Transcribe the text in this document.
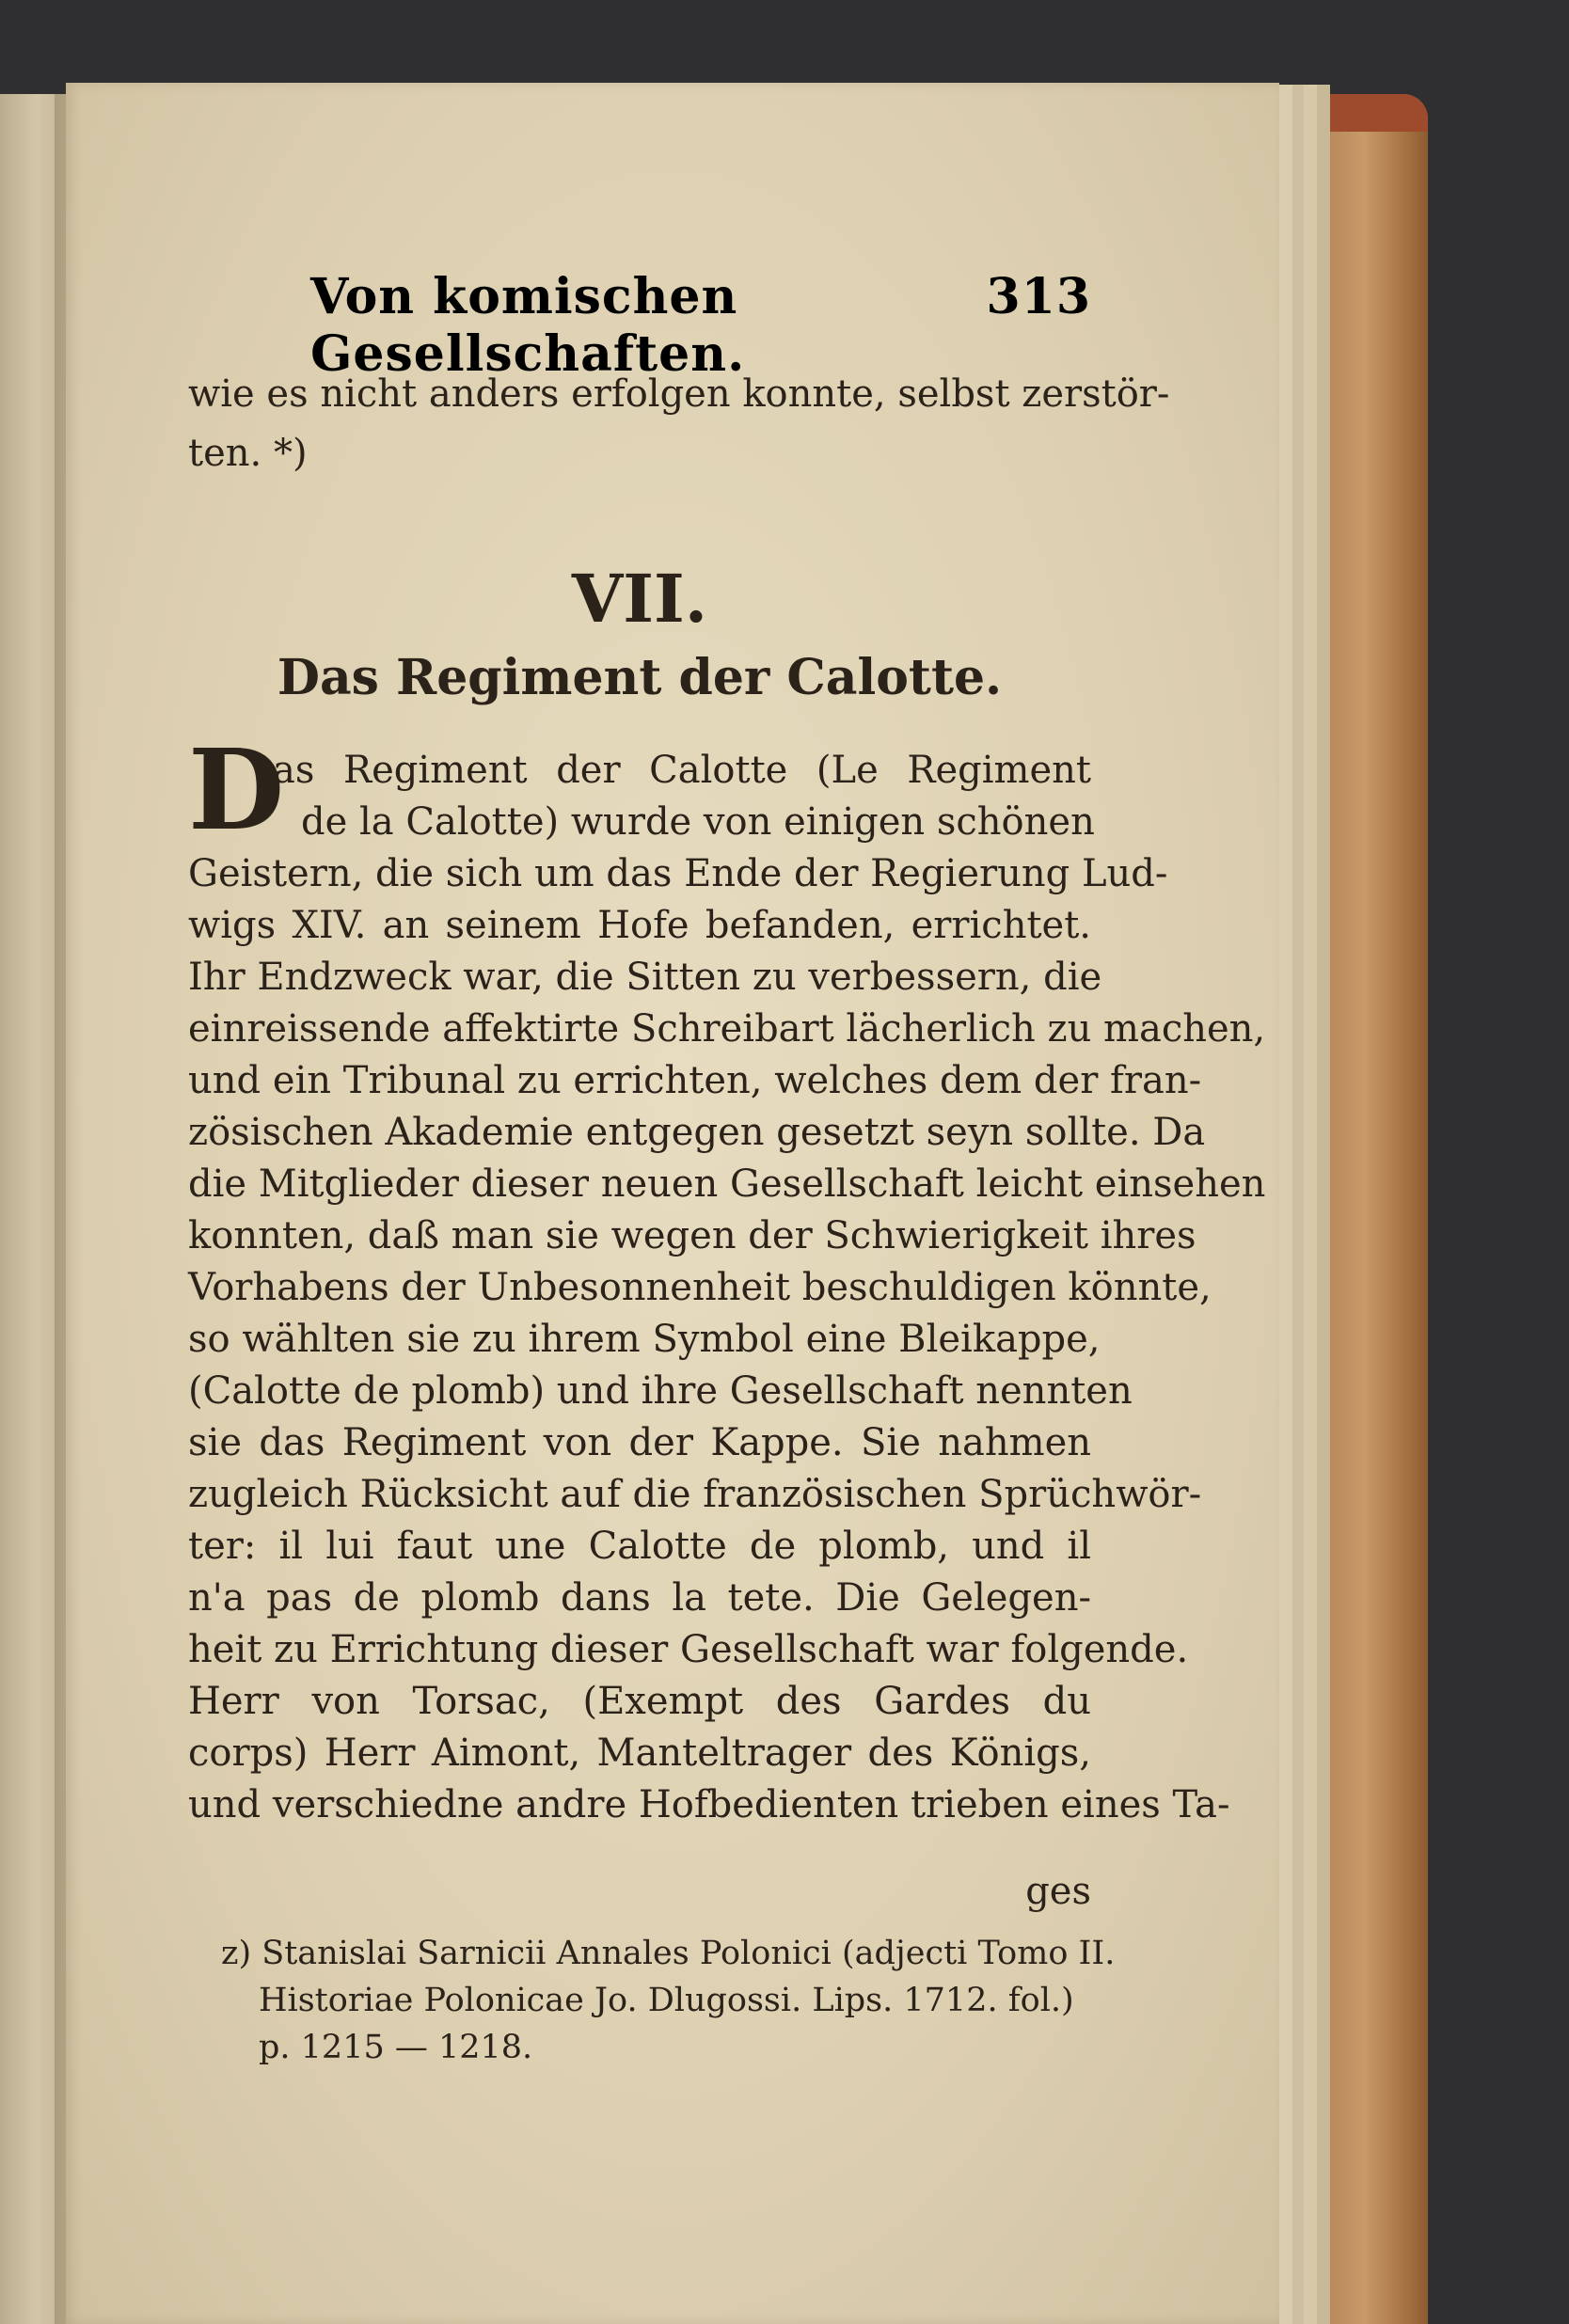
Von komischen Gesellschaften.
313
wie es nicht anders erfolgen konnte, selbst zerstör-
ten. *)
VII.
Das Regiment der Calotte.
D
as Regiment der Calotte (Le Regiment
de la Calotte) wurde von einigen schönen
Geistern, die sich um das Ende der Regierung Lud-
wigs XIV. an seinem Hofe befanden, errichtet.
Ihr Endzweck war, die Sitten zu verbessern, die
einreissende affektirte Schreibart lächerlich zu machen,
und ein Tribunal zu errichten, welches dem der fran-
zösischen Akademie entgegen gesetzt seyn sollte. Da
die Mitglieder dieser neuen Gesellschaft leicht einsehen
konnten, daß man sie wegen der Schwierigkeit ihres
Vorhabens der Unbesonnenheit beschuldigen könnte,
so wählten sie zu ihrem Symbol eine Bleikappe,
(Calotte de plomb) und ihre Gesellschaft nennten
sie das Regiment von der Kappe. Sie nahmen
zugleich Rücksicht auf die französischen Sprüchwör-
ter: il lui faut une Calotte de plomb, und il
n'a pas de plomb dans la tete. Die Gelegen-
heit zu Errichtung dieser Gesellschaft war folgende.
Herr von Torsac, (Exempt des Gardes du
corps) Herr Aimont, Manteltrager des Königs,
und verschiedne andre Hofbedienten trieben eines Ta-
ges
z) Stanislai Sarnicii Annales Polonici (adjecti Tomo II.
Historiae Polonicae Jo. Dlugossi. Lips. 1712. fol.)
p. 1215 — 1218.
